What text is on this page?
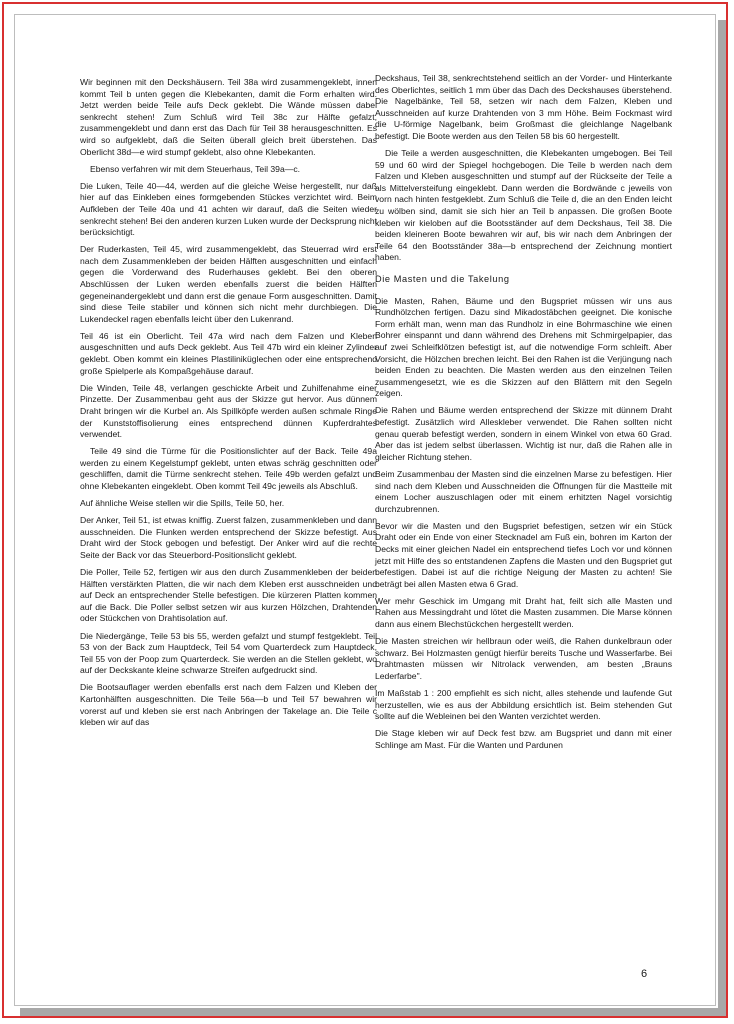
Wir beginnen mit den Deckshäusern. Teil 38a wird zusammengeklebt, innen kommt Teil b unten gegen die Klebekanten, damit die Form erhalten wird. Jetzt werden beide Teile aufs Deck geklebt. Die Wände müssen dabei senkrecht stehen! Zum Schluß wird Teil 38c zur Hälfte gefalzt, zusammengeklebt und dann erst das Dach für Teil 38 herausgeschnitten. Es wird so aufgeklebt, daß die Seiten überall gleich breit überstehen. Das Oberlicht 38d—e wird stumpf geklebt, also ohne Klebekanten.

Ebenso verfahren wir mit dem Steuerhaus, Teil 39a—c.

Die Luken, Teile 40—44, werden auf die gleiche Weise hergestellt, nur daß hier auf das Einkleben eines formgebenden Stückes verzichtet wird. Beim Aufkleben der Teile 40a und 41 achten wir darauf, daß die Seiten wieder senkrecht stehen! Bei den anderen kurzen Luken wurde der Decksprung nicht berücksichtigt.

Der Ruderkasten, Teil 45, wird zusammengeklebt, das Steuerrad wird erst nach dem Zusammenkleben der beiden Hälften ausgeschnitten und einfach gegen die Vorderwand des Ruderhauses geklebt. Bei den oberen Abschlüssen der Luken werden ebenfalls zuerst die beiden Hälften gegeneinandergeklebt und dann erst die genaue Form ausgeschnitten. Damit sind diese Teile stabiler und können sich nicht mehr durchbiegen. Die Lukendeckel ragen ebenfalls leicht über den Lukenrand.

Teil 46 ist ein Oberlicht. Teil 47a wird nach dem Falzen und Kleben ausgeschnitten und aufs Deck geklebt. Aus Teil 47b wird ein kleiner Zylinder geklebt. Oben kommt ein kleines Plastiliniküglechen oder eine entsprechend große Spielperle als Kompaßgehäuse darauf.

Die Winden, Teile 48, verlangen geschickte Arbeit und Zuhilfenahme einer Pinzette. Der Zusammenbau geht aus der Skizze gut hervor. Aus dünnem Draht bringen wir die Kurbel an. Als Spillköpfe werden außen schmale Ringe der Kunststoffisolierung eines entsprechend dünnen Kupferdrahtes verwendet.

Teile 49 sind die Türme für die Positionslichter auf der Back. Teile 49a werden zu einem Kegelstumpf geklebt, unten etwas schräg geschnitten oder geschliffen, damit die Türme senkrecht stehen. Teile 49b werden gefalzt und ohne Klebekanten eingeklebt. Oben kommt Teil 49c jeweils als Abschluß.

Auf ähnliche Weise stellen wir die Spills, Teile 50, her.

Der Anker, Teil 51, ist etwas kniffig. Zuerst falzen, zusammenkleben und dann ausschneiden. Die Flunken werden entsprechend der Skizze befestigt. Aus Draht wird der Stock gebogen und befestigt. Der Anker wird auf die rechte Seite der Back vor das Steuerbord-Positionslicht geklebt.

Die Poller, Teile 52, fertigen wir aus den durch Zusammenkleben der beiden Hälften verstärkten Platten, die wir nach dem Kleben erst ausschneiden und auf Deck an entsprechender Stelle befestigen. Die kürzeren Platten kommen auf die Back. Die Poller selbst setzen wir aus kurzen Hölzchen, Drahtenden oder Stückchen von Drahtisolation auf.

Die Niedergänge, Teile 53 bis 55, werden gefalzt und stumpf festgeklebt. Teil 53 von der Back zum Hauptdeck, Teil 54 vom Quarterdeck zum Hauptdeck, Teil 55 von der Poop zum Quarterdeck. Sie werden an die Stellen geklebt, wo auf der Deckskante kleine schwarze Streifen aufgedruckt sind.

Die Bootsauflager werden ebenfalls erst nach dem Falzen und Kleben der Kartonhälften ausgeschnitten. Die Teile 56a—b und Teil 57 bewahren wir vorerst auf und kleben sie erst nach Anbringen der Takelage an. Die Teile c kleben wir auf das

Deckshaus, Teil 38, senkrechtstehend seitlich an der Vorder- und Hinterkante des Oberlichtes, seitlich 1 mm über das Dach des Deckshauses überstehend. Die Nagelbänke, Teil 58, setzen wir nach dem Falzen, Kleben und Ausschneiden auf kurze Drahtenden von 3 mm Höhe. Beim Fockmast wird die U-förmige Nagelbank, beim Großmast die gleichlange Nagelbank befestigt. Die Boote werden aus den Teilen 58 bis 60 hergestellt.

Die Teile a werden ausgeschnitten, die Klebekanten umgebogen. Bei Teil 59 und 60 wird der Spiegel hochgebogen. Die Teile b werden nach dem Falzen und Kleben ausgeschnitten und stumpf auf der Rückseite der Teile a als Mittelversteifung eingeklebt. Dann werden die Bordwände c jeweils von vorn nach hinten festgeklebt. Zum Schluß die Teile d, die an den Enden leicht zu wölben sind, damit sie sich hier an Teil b anpassen. Die großen Boote kleben wir kieloben auf die Bootsständer auf dem Deckshaus, Teil 38. Die beiden kleineren Boote bewahren wir auf, bis wir nach dem Anbringen der Teile 64 den Bootsständer 38a—b entsprechend der Zeichnung montiert haben.

Die Masten und die Takelung

Die Masten, Rahen, Bäume und den Bugspriet müssen wir uns aus Rundhölzchen fertigen. Dazu sind Mikadostäbchen geeignet. Die konische Form erhält man, wenn man das Rundholz in eine Bohrmaschine wie einen Bohrer einspannt und dann während des Drehens mit Schmirgelpapier, das auf zwei Schleifklötzen befestigt ist, auf die notwendige Form schleift. Aber Vorsicht, die Hölzchen brechen leicht. Bei den Rahen ist die Verjüngung nach beiden Enden zu beachten. Die Masten werden aus den einzelnen Teilen zusammengesetzt, wie es die Skizzen auf den Blättern mit den Segeln zeigen.

Die Rahen und Bäume werden entsprechend der Skizze mit dünnem Draht befestigt. Zusätzlich wird Alleskleber verwendet. Die Rahen sollten nicht genau querab befestigt werden, sondern in einem Winkel von etwa 60 Grad. Aber das ist jedem selbst überlassen. Wichtig ist nur, daß die Rahen alle in gleicher Richtung stehen.

Beim Zusammenbau der Masten sind die einzelnen Marse zu befestigen. Hier sind nach dem Kleben und Ausschneiden die Öffnungen für die Mastteile mit einem Locher auszuschlagen oder mit einem erhitzten Nagel vorsichtig durchzubrennen.

Bevor wir die Masten und den Bugspriet befestigen, setzen wir ein Stück Draht oder ein Ende von einer Stecknadel am Fuß ein, bohren im Karton der Decks mit einer gleichen Nadel ein entsprechend tiefes Loch vor und können jetzt mit Hilfe des so entstandenen Zapfens die Masten und den Bugspriet gut befestigen. Dabei ist auf die richtige Neigung der Masten zu achten! Sie beträgt bei allen Masten etwa 6 Grad.

Wer mehr Geschick im Umgang mit Draht hat, feilt sich alle Masten und Rahen aus Messingdraht und lötet die Masten zusammen. Die Marse können dann aus einem Blechstückchen hergestellt werden.

Die Masten streichen wir hellbraun oder weiß, die Rahen dunkelbraun oder schwarz. Bei Holzmasten genügt hierfür bereits Tusche und Wasserfarbe. Bei Drahtmasten müssen wir Nitrolack verwenden, am besten „Brauns Lederfarbe".

Im Maßstab 1 : 200 empfiehlt es sich nicht, alles stehende und laufende Gut herzustellen, wie es aus der Abbildung ersichtlich ist. Beim stehenden Gut sollte auf die Webleinen bei den Wanten verzichtet werden.

Die Stage kleben wir auf Deck fest bzw. am Bugspriet und dann mit einer Schlinge am Mast. Für die Wanten und Pardunen

6
